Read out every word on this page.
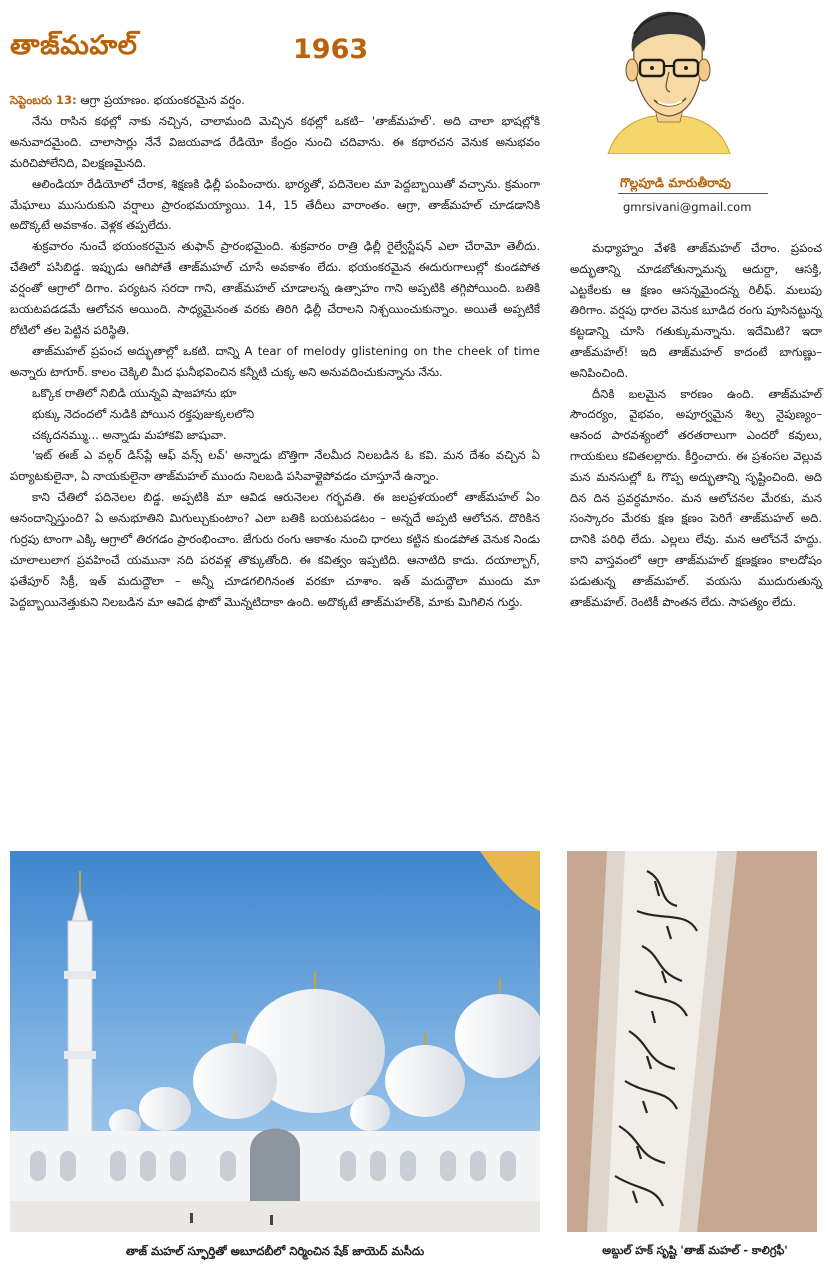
తాజ్‌మహల్	1963

సెప్టెంబరు 13: ఆగ్రా ప్రయాణం. భయంకరమైన వర్షం.

నేను రాసిన కథల్లో నాకు నచ్చిన, చాలామంది మెచ్చిన కథల్లో ఒకటి– 'తాజ్‌మహల్'. అది చాలా భాషల్లోకి అనువాదమైంది. చాలాసార్లు నేనే విజయవాడ రేడియో కేంద్రం నుంచి చదివాను. ఈ కథారచన వెనుక అనుభవం మరిచిపోలేనిది, విలక్షణమైనది.

ఆలిండియా రేడియోలో చేరాక, శిక్షణకి ఢిల్లీ పంపించారు. భార్యతో, పదినెలల మా పెద్దబ్బాయితో వచ్చాను. క్రమంగా మేఘాలు ముసురుకుని వర్షాలు ప్రారంభమయ్యాయి. 14, 15 తేదీలు వారాంతం. ఆగ్రా, తాజ్‌మహల్ చూడడానికి అదొక్కటే అవకాశం. వెళ్లక తప్పలేదు.

శుక్రవారం నుంచే భయంకరమైన తుఫాన్ ప్రారంభమైంది. శుక్రవారం రాత్రి ఢిల్లీ రైల్వేస్టేషన్ ఎలా చేరామో తెలీదు. చేతిలో పసిబిడ్డ. ఇప్పుడు ఆగిపోతే తాజ్‌మహల్ చూసే అవకాశం లేదు. భయంకరమైన ఈదురుగాలుల్లో కుండపోత వర్షంతో ఆగ్రాలో దిగాం. పర్యటన సరదా గాని, తాజ్‌మహల్ చూడాలన్న ఉత్సాహం గాని అప్పటికి తగ్గిపోయింది. బతికి బయటపడడమే ఆలోచన అయింది. సాధ్యమైనంత వరకు తిరిగి ఢిల్లీ చేరాలని నిశ్చయించుకున్నాం. అయితే అప్పటికే రోటిలో తల పెట్టిన పరిస్థితి.

తాజ్‌మహల్ ప్రపంచ అద్భుతాల్లో ఒకటి. దాన్ని A tear of melody glistening on the cheek of time అన్నారు టాగూర్. కాలం చెక్కిలి మీద ఘనీభవించిన కన్నీటి చుక్క అని అనువదించుకున్నాను నేను.

ఒక్కొక రాతిలో నిబిడి యున్నవి షాజహాను భూ

భుక్కు నెదందలో నుడికి పోయిన రక్తపుజుక్కలలోని

చక్కదనమ్ము... అన్నాడు మహాకవి జాషువా.

'ఇట్ ఈజ్ ఎ వల్గర్ డిస్‌ప్లే ఆఫ్ వన్స్ లవ్' అన్నాడు బొత్తిగా నేలమీద నిలబడిన ఓ కవి. మన దేశం వచ్చిన ఏ పర్యాటకులైనా, ఏ నాయకులైనా తాజ్‌మహల్ ముందు నిలబడి పసివాళ్లైపోవడం చూస్తూనే ఉన్నాం.

కాని చేతిలో పదినెలల బిడ్డ. అప్పటికి మా ఆవిడ ఆరునెలల గర్భవతి. ఈ జలప్రళయంలో తాజ్‌మహల్ ఏం ఆనందాన్నిస్తుంది? ఏ అనుభూతిని మిగుల్చుకుంటాం? ఎలా బతికి బయటపడటం – అన్నదే అప్పటి ఆలోచన. దొరికిన గుర్రపు టాంగా ఎక్కి ఆగ్రాలో తిరగడం ప్రారంభించాం. జేగురు రంగు ఆకాశం నుంచి ధారలు కట్టిన కుండపోత వెనుక నిండు చూలాలులాగ ప్రవహించే యమునా నది పరవళ్ల తొక్కుతోంది. ఈ కవిత్వం ఇప్పటిది. ఆనాటిది కాదు. దయాల్బాగ్, ఫతేపూర్ సిక్రీ, ఇత్ మదుద్దౌలా – అన్నీ చూడగలిగినంత వరకూ చూశాం. ఇత్ మదుద్దౌలా ముందు మా పెద్దబ్బాయినెత్తుకుని నిలబడిన మా ఆవిడ ఫొటో మొన్నటిదాకా ఉంది. అదొక్కటే తాజ్‌మహల్‌కి, మాకు మిగిలిన గుర్తు.

గొల్లపూడి మారుతీరావు
gmrsivani@gmail.com

మధ్యాహ్నం వేళకి తాజ్‌మహల్ చేరాం. ప్రపంచ అద్భుతాన్ని చూడబోతున్నామన్న ఆదుర్దా, ఆసక్తి, ఎట్టకేలకు ఆ క్షణం ఆసన్నమైందన్న రిలీఫ్. మలుపు తిరిగాం. వర్షపు ధారల వెనుక బూడిద రంగు పూసినట్టున్న కట్టడాన్ని చూసి గతుక్కుమన్నాను. ఇదేమిటి? ఇదా తాజ్‌మహల్! ఇది తాజ్‌మహల్ కాదంటే బాగుణ్ణు– అనిపించింది.

దీనికి బలమైన కారణం ఉంది. తాజ్‌మహల్ సౌందర్యం, వైభవం, అపూర్వమైన శిల్ప నైపుణ్యం– ఆనంద పారవశ్యంలో తరతరాలుగా ఎందరో కవులు, గాయకులు కవితలల్లారు. కీర్తించారు. ఈ ప్రశంసల వెల్లువ మన మనసుల్లో ఓ గొప్ప అద్భుతాన్ని సృష్టించింది. అది దిన దిన ప్రవర్ధమానం. మన ఆలోచనల మేరకు, మన సంస్కారం మేరకు క్షణ క్షణం పెరిగే తాజ్‌మహల్ అది. దానికి పరిధి లేదు. ఎల్లలు లేవు. మన ఆలోచనే హద్దు. కాని వాస్తవంలో ఆగ్రా తాజ్‌మహల్ క్షణక్షణం కాలదోషం పడుతున్న తాజ్‌మహల్. వయసు ముదురుతున్న తాజ్‌మహల్. రెంటికీ పొంతన లేదు. సాపత్యం లేదు.

తాజ్ మహల్ స్ఫూర్తితో అబూదబీలో నిర్మించిన షేక్ జాయెద్ మసీదు	అబ్దుల్ హక్ సృష్టి 'తాజ్ మహల్ - కాలిగ్రఫీ'
